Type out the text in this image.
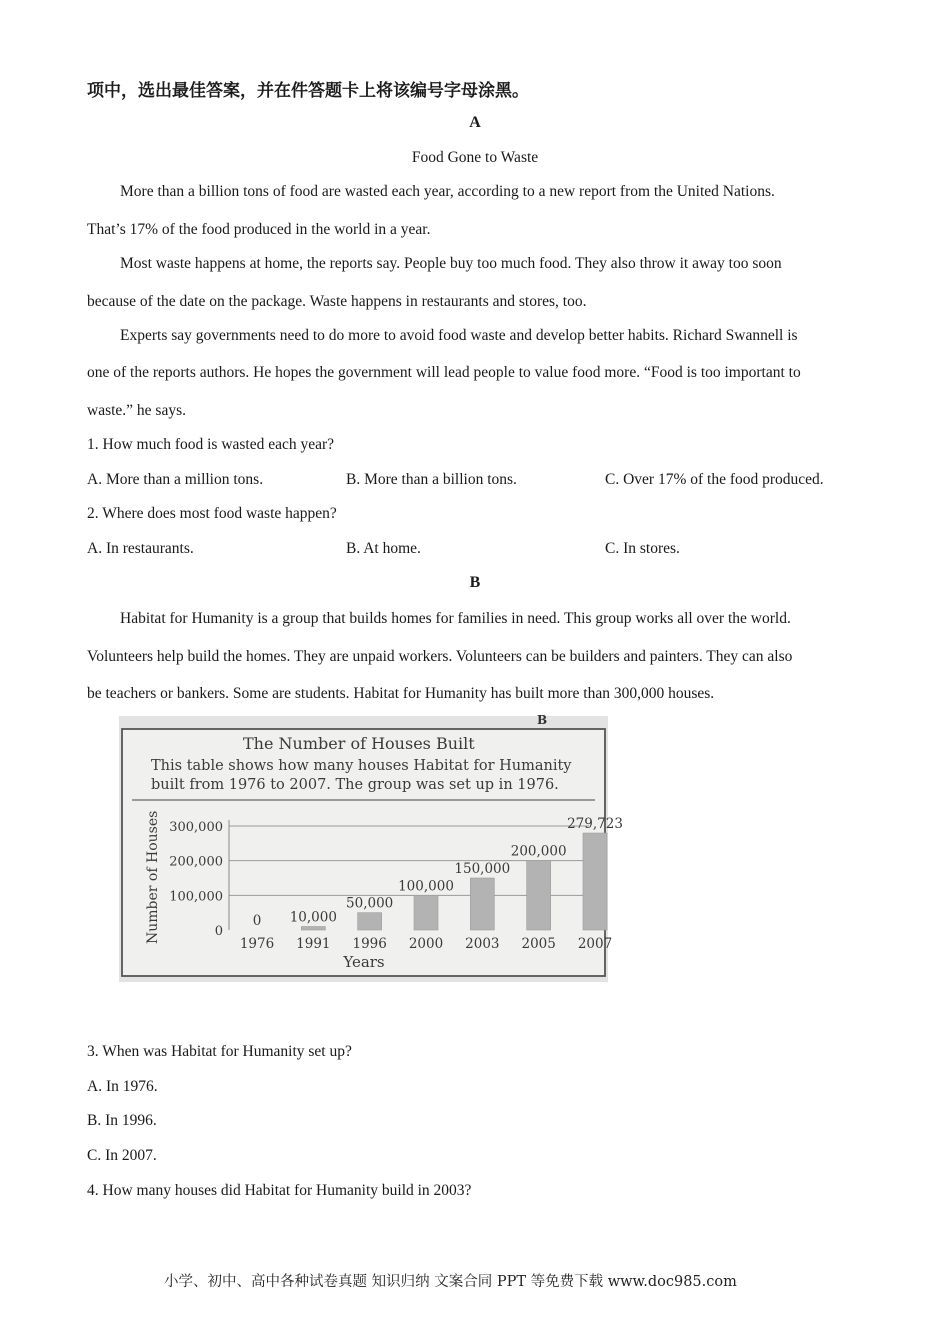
项中，选出最佳答案，并在件答题卡上将该编号字母涂黑。
A
Food Gone to Waste
More than a billion tons of food are wasted each year, according to a new report from the United Nations.
That’s 17% of the food produced in the world in a year.
Most waste happens at home, the reports say. People buy too much food. They also throw it away too soon
because of the date on the package. Waste happens in restaurants and stores, too.
Experts say governments need to do more to avoid food waste and develop better habits. Richard Swannell is
one of the reports authors. He hopes the government will lead people to value food more. “Food is too important to
waste.” he says.
1. How much food is wasted each year?
A. More than a million tons.	B. More than a billion tons.	C. Over 17% of the food produced.
2. Where does most food waste happen?
A. In restaurants.	B. At home.	C. In stores.
B
Habitat for Humanity is a group that builds homes for families in need. This group works all over the world.
Volunteers help build the homes. They are unpaid workers. Volunteers can be builders and painters. They can also
be teachers or bankers. Some are students. Habitat for Humanity has built more than 300,000 houses.
B
The Number of Houses Built
This table shows how many houses Habitat for Humanity
built from 1976 to 2007. The group was set up in 1976.
Number of Houses
Years
0
100,000
200,000
300,000
0
1976
10,000
1991
50,000
1996
100,000
2000
150,000
2003
200,000
2005
279,723
2007
3. When was Habitat for Humanity set up?
A. In 1976.
B. In 1996.
C. In 2007.
4. How many houses did Habitat for Humanity build in 2003?
小学、初中、高中各种试卷真题 知识归纳 文案合同 PPT 等免费下载 www.doc985.com
